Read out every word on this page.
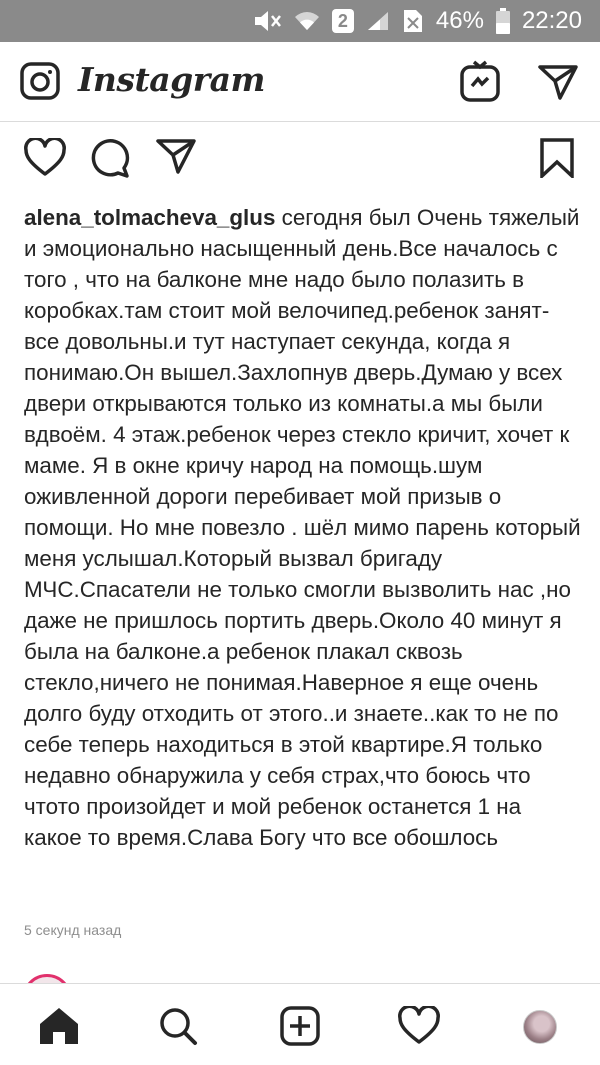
2	46% 22:20
Instagram

alena_tolmacheva_glus сегодня был Очень тяжелый и эмоционально насыщенный день.Все началось с того , что на балконе мне надо было полазить в коробках.там стоит мой велочипед.ребенок занят-все довольны.и тут наступает секунда, когда я понимаю.Он вышел.Захлопнув дверь.Думаю у всех двери открываются только из комнаты.а мы были вдвоём. 4 этаж.ребенок через стекло кричит, хочет к маме. Я в окне кричу народ на помощь.шум оживленной дороги перебивает мой призыв о помощи. Но мне повезло . шёл мимо парень который меня услышал.Который вызвал бригаду МЧС.Спасатели не только смогли вызволить нас ,но даже не пришлось портить дверь.Около 40 минут я была на балконе.а ребенок плакал сквозь стекло,ничего не понимая.Наверное я еще очень долго буду отходить от этого..и знаете..как то не по себе теперь находиться в этой квартире.Я только недавно обнаружила у себя страх,что боюсь что чтото произойдет и мой ребенок останется 1 на какое то время.Слава Богу что все обошлось

5 секунд назад
